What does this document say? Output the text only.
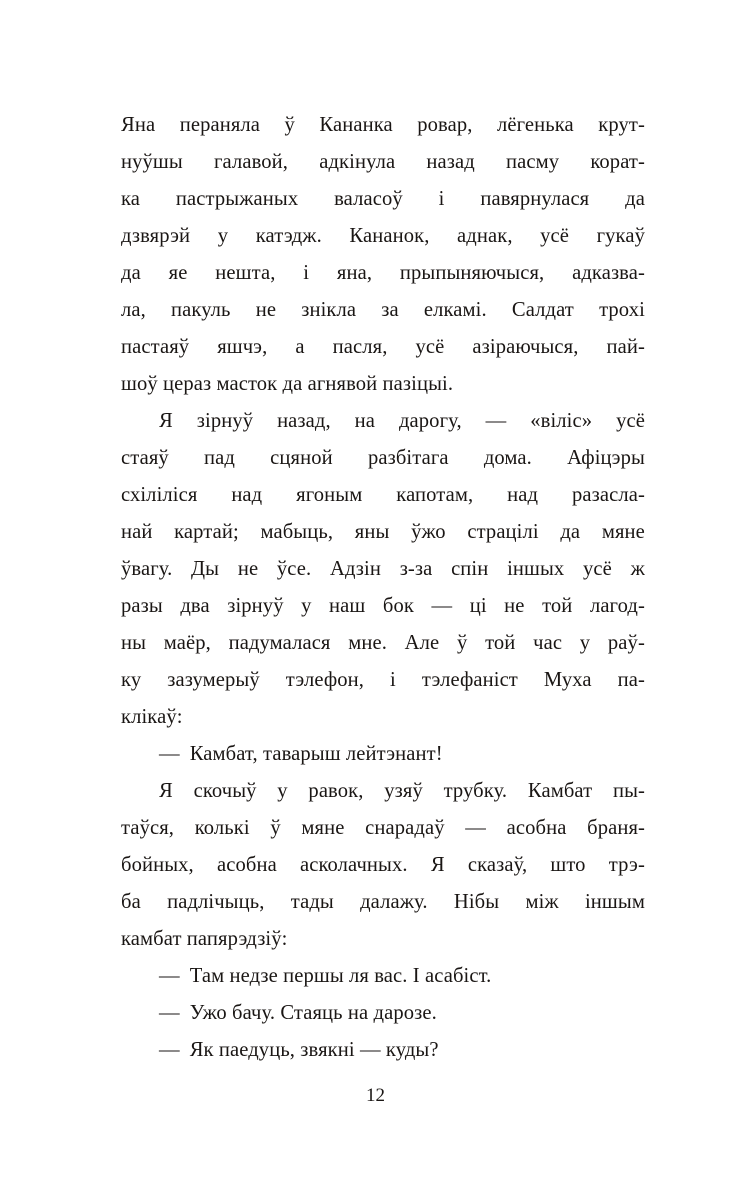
Яна пераняла ў Кананка ровар, лёгенька крут-
нуўшы галавой, адкінула назад пасму корат-
ка пастрыжаных валасоў і павярнулася да
дзвярэй у катэдж. Кананок, аднак, усё гукаў
да яе нешта, і яна, прыпыняючыся, адказва-
ла, пакуль не знікла за елкамі. Салдат трохі
пастаяў яшчэ, а пасля, усё азіраючыся, пай-
шоў цераз масток да агнявой пазіцыі.
Я зірнуў назад, на дарогу, — «віліс» усё
стаяў пад сцяной разбітага дома. Афіцэры
схіліліся над ягоным капотам, над разасла-
най картай; мабыць, яны ўжо страцілі да мяне
ўвагу. Ды не ўсе. Адзін з-за спін іншых усё ж
разы два зірнуў у наш бок — ці не той лагод-
ны маёр, падумалася мне. Але ў той час у раў-
ку зазумерыў тэлефон, і тэлефаніст Муха па-
клікаў:
— Камбат, таварыш лейтэнант!
Я скочыў у равок, узяў трубку. Камбат пы-
таўся, колькі ў мяне снарадаў — асобна браня-
бойных, асобна асколачных. Я сказаў, што трэ-
ба падлічыць, тады далажу. Нібы між іншым
камбат папярэдзіў:
— Там недзе першы ля вас. І асабіст.
— Ужо бачу. Стаяць на дарозе.
— Як паедуць, звякні — куды?
12
